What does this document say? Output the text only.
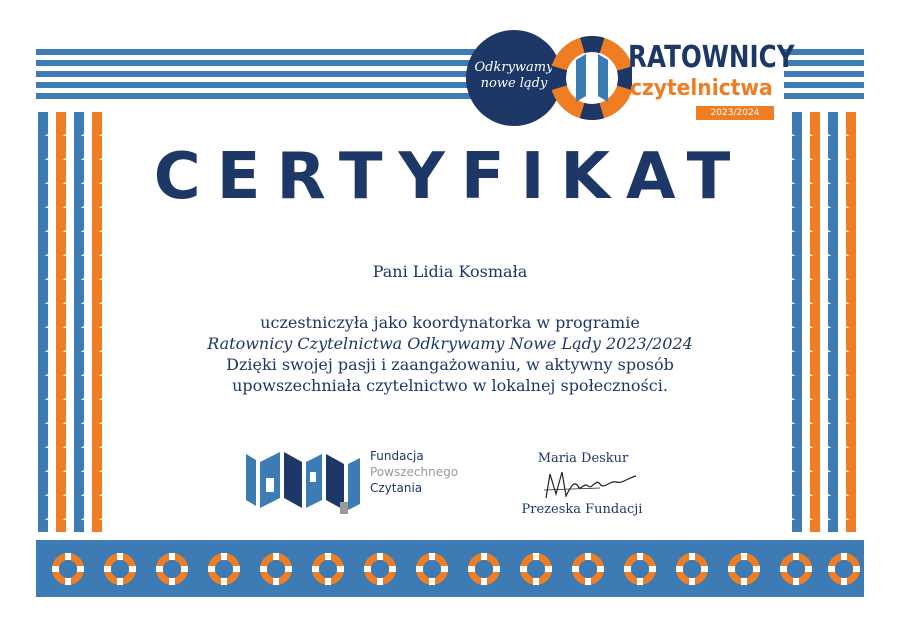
Odkrywamy
nowe lądy
RATOWNICY
czytelnictwa
2023/2024
CERTYFIKAT
Pani Lidia Kosmała
uczestniczyła jako koordynatorka w programie
Ratownicy Czytelnictwa Odkrywamy Nowe Lądy 2023/2024
Dzięki swojej pasji i zaangażowaniu, w aktywny sposób
upowszechniała czytelnictwo w lokalnej społeczności.
Fundacja
Powszechnego
Czytania
Maria Deskur
Prezeska Fundacji
